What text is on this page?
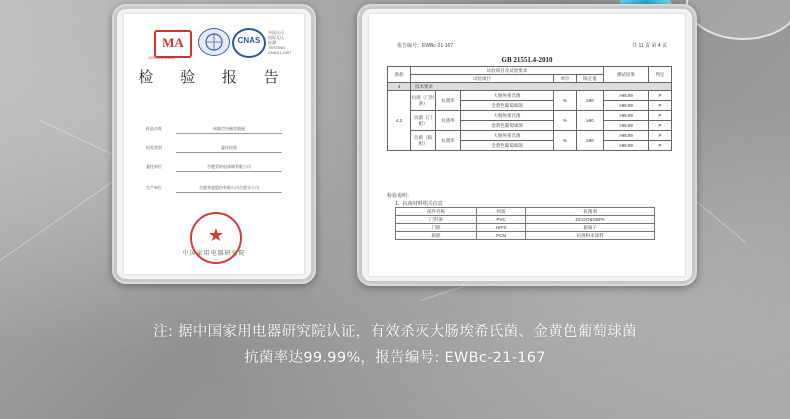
MA
190000242658
CNAS
中国认可
国际互认
检测
TESTING
CNAS L1097
检 验 报 告
样品名称	冰箱空冷储存抽屉
检验类别	委托检验
委托单位	合肥美的电冰箱有限公司
生产单位	合肥华凌股份有限公司合肥分公司
★
中国家用电器研究院
报告编号：EWBc-21-167	共 11 页 第 4 页
GB 21551.4-2010
条款	试验项目及试验要求					测试结果	判定
	试验项目			单位	限定值		
4	技术要求						
4.2	抗菌（门封条）	抗菌率	大肠埃希氏菌	%	≥90	>99.99	P
			金黄色葡萄球菌			>99.99	P
	抗菌（门胆）	抗菌率	大肠埃希氏菌	%	≥90	>99.99	P
			金黄色葡萄球菌			>99.99	P
	抗菌（箱胆）	抗菌率	大肠埃希氏菌	%	≥90	>99.99	P
			金黄色葡萄球菌			>99.99	P
检验说明：
1、抗菌材料相关信息
部件名称	材质	抗菌剂
门封条	PVC	DCOIT&OBPA
门胆	HIPS	银离子
箱胆	PCM	抗菌粉末涂料
注: 据中国家用电器研究院认证，有效杀灭大肠埃希氏菌、金黄色葡萄球菌
抗菌率达99.99%，报告编号: EWBc-21-167
